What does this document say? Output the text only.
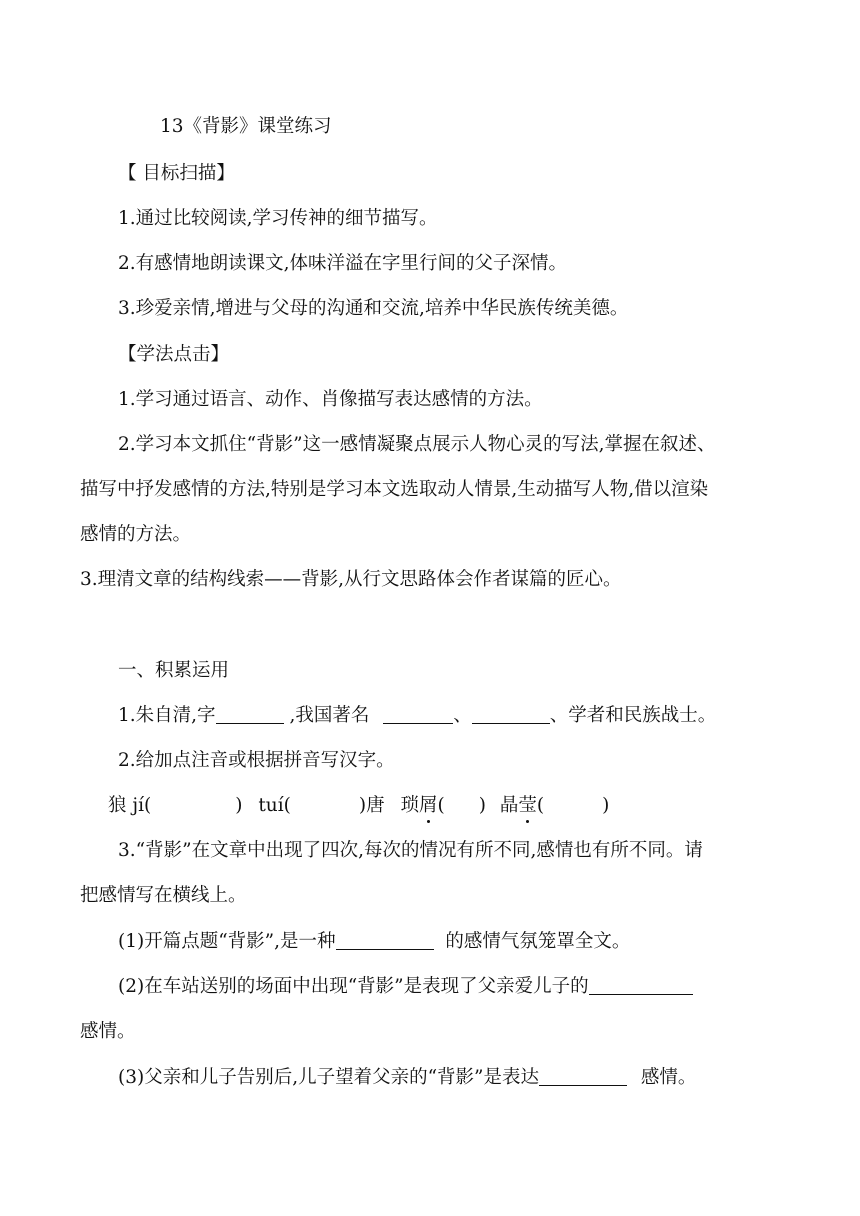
13《背影》课堂练习
【 目标扫描】
1.通过比较阅读,学习传神的细节描写。
2.有感情地朗读课文,体味洋溢在字里行间的父子深情。
3.珍爱亲情,增进与父母的沟通和交流,培养中华民族传统美德。
【学法点击】
1.学习通过语言、动作、肖像描写表达感情的方法。
2.学习本文抓住“背影”这一感情凝聚点展示人物心灵的写法,掌握在叙述、
描写中抒发感情的方法,特别是学习本文选取动人情景,生动描写人物,借以渲染
感情的方法。
3.理清文章的结构线索——背影,从行文思路体会作者谋篇的匠心。
一、积累运用
1.朱自清,字	,我国著名	、	、学者和民族战士。
2.给加点注音或根据拼音写汉字。
狼 jí(	) tuí(	)唐 琐屑( ) 晶莹(	)
3.“背影”在文章中出现了四次,每次的情况有所不同,感情也有所不同。请
把感情写在横线上。
(1)开篇点题“背影”,是一种	的感情气氛笼罩全文。
(2)在车站送别的场面中出现“背影”是表现了父亲爱儿子的
感情。
(3)父亲和儿子告别后,儿子望着父亲的“背影”是表达	感情。
